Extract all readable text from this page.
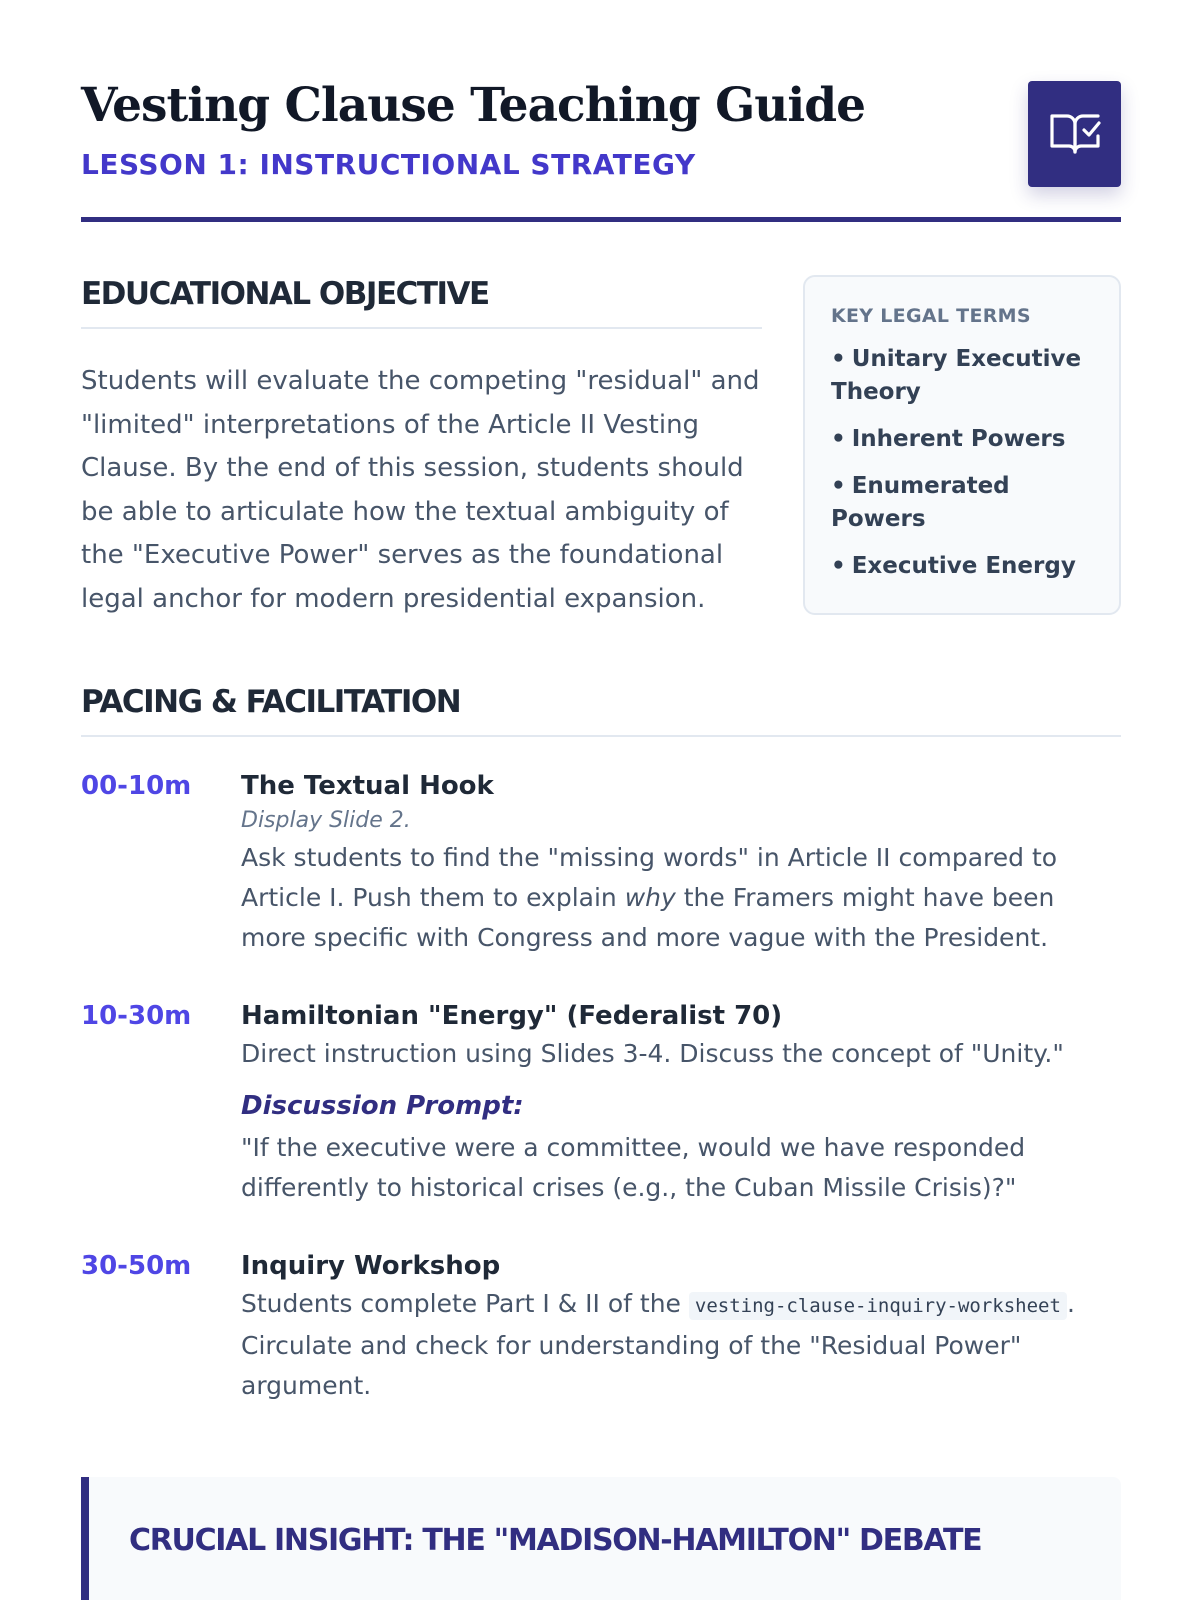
Vesting Clause Teaching Guide
LESSON 1: INSTRUCTIONAL STRATEGY
EDUCATIONAL OBJECTIVE

Students will evaluate the competing "residual" and "limited" interpretations of the Article II Vesting Clause. By the end of this session, students should be able to articulate how the textual ambiguity of the "Executive Power" serves as the foundational legal anchor for modern presidential expansion.

KEY LEGAL TERMS
• Unitary Executive Theory
• Inherent Powers
• Enumerated Powers
• Executive Energy
PACING & FACILITATION
00-10m The Textual Hook

Display Slide 2.

Ask students to find the "missing words" in Article II compared to Article I. Push them to explain why the Framers might have been more specific with Congress and more vague with the President.

10-30m Hamiltonian "Energy" (Federalist 70)

Direct instruction using Slides 3-4. Discuss the concept of "Unity."

Discussion Prompt:

"If the executive were a committee, would we have responded differently to historical crises (e.g., the Cuban Missile Crisis)?"

30-50m Inquiry Workshop

Students complete Part I & II of the vesting-clause-inquiry-worksheet . Circulate and check for understanding of the "Residual Power" argument.

CRUCIAL INSIGHT: THE "MADISON-HAMILTON" DEBATE
